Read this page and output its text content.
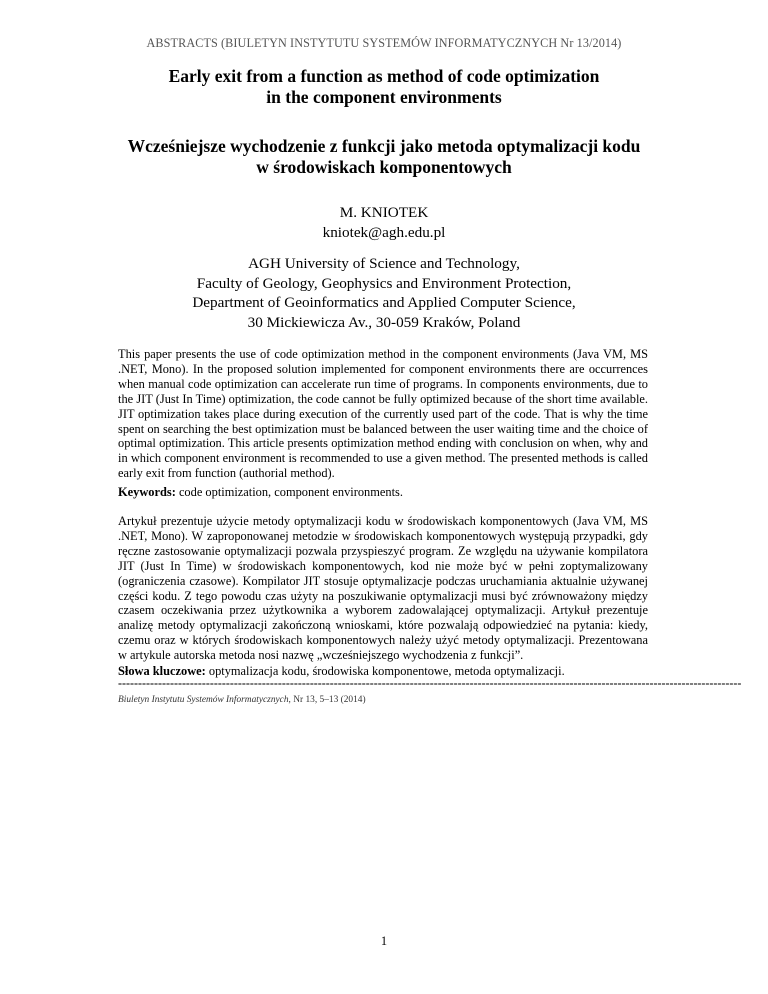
ABSTRACTS (BIULETYN INSTYTUTU SYSTEMÓW INFORMATYCZNYCH Nr 13/2014)
Early exit from a function as method of code optimization
in the component environments
Wcześniejsze wychodzenie z funkcji jako metoda optymalizacji kodu
w środowiskach komponentowych
M. KNIOTEK
kniotek@agh.edu.pl
AGH University of Science and Technology,
Faculty of Geology, Geophysics and Environment Protection,
Department of Geoinformatics and Applied Computer Science,
30 Mickiewicza Av., 30-059 Kraków, Poland
This paper presents the use of code optimization method in the component environments (Java VM, MS .NET, Mono). In the proposed solution implemented for component environments there are occurrences when manual code optimization can accelerate run time of programs. In components environments, due to the JIT (Just In Time) optimization, the code cannot be fully optimized because of the short time available. JIT optimization takes place during execution of the currently used part of the code. That is why the time spent on searching the best optimization must be balanced between the user waiting time and the choice of optimal optimization. This article presents optimization method ending with conclusion on when, why and in which component environment is recommended to use a given method. The presented methods is called early exit from function (authorial method).
Keywords: code optimization, component environments.
Artykuł prezentuje użycie metody optymalizacji kodu w środowiskach komponentowych (Java VM, MS .NET, Mono). W zaproponowanej metodzie w środowiskach komponentowych występują przypadki, gdy ręczne zastosowanie optymalizacji pozwala przyspieszyć program. Ze względu na używanie kompilatora JIT (Just In Time) w środowiskach komponentowych, kod nie może być w pełni zoptymalizowany (ograniczenia czasowe). Kompilator JIT stosuje optymalizacje podczas uruchamiania aktualnie używanej części kodu. Z tego powodu czas użyty na poszukiwanie optymalizacji musi być zrównoważony między czasem oczekiwania przez użytkownika a wyborem zadowalającej optymalizacji. Artykuł prezentuje analizę metody optymalizacji zakończoną wnioskami, które pozwalają odpowiedzieć na pytania: kiedy, czemu oraz w których środowiskach komponentowych należy użyć metody optymalizacji. Prezentowana w artykule autorska metoda nosi nazwę „wcześniejszego wychodzenia z funkcji”.
Słowa kluczowe: optymalizacja kodu, środowiska komponentowe, metoda optymalizacji.
------------------------------------------------------------------------------------------------------------------------------------------------------------
Biuletyn Instytutu Systemów Informatycznych, Nr 13, 5–13 (2014)
1
